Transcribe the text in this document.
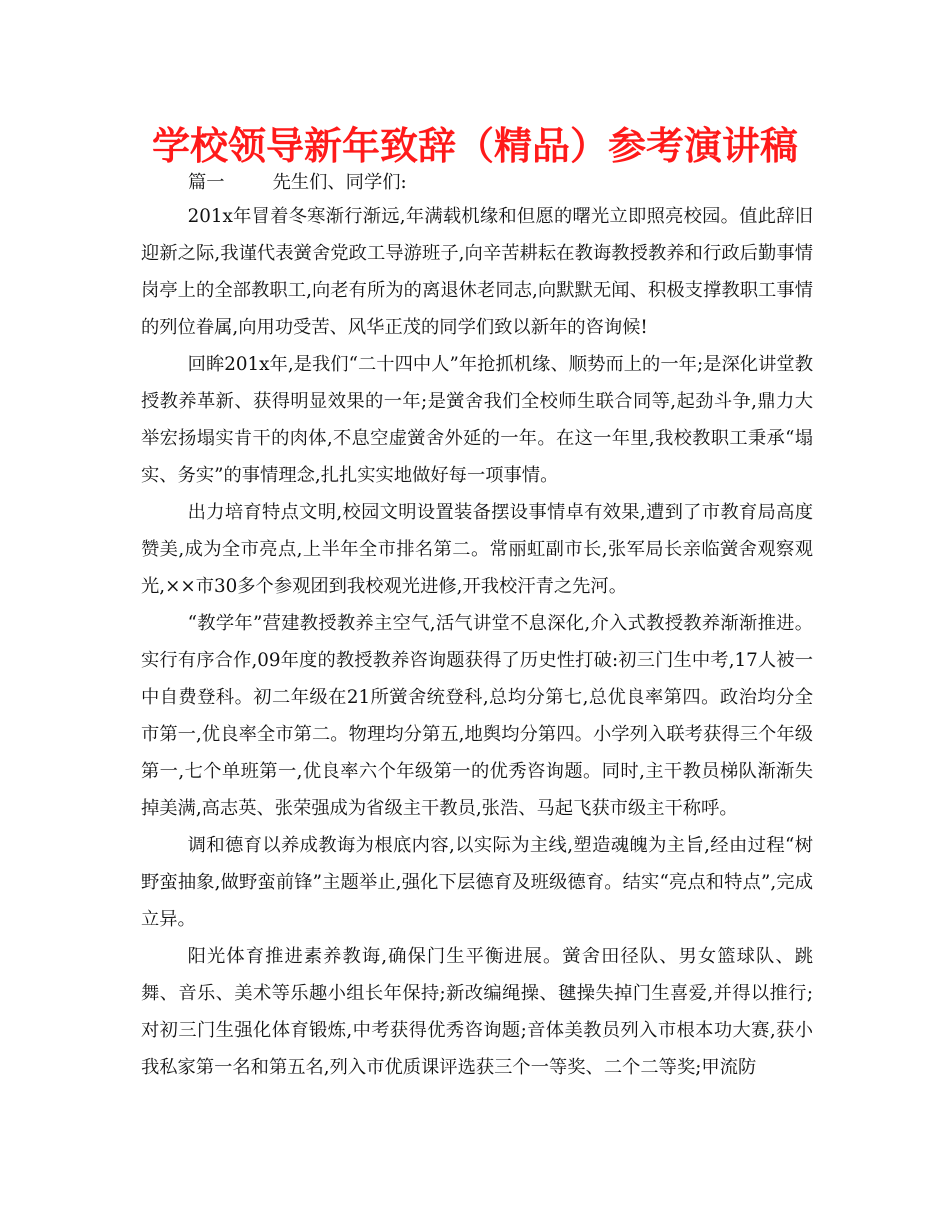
学校领导新年致辞（精品）参考演讲稿

篇一	先生们、同学们:

201x年冒着冬寒渐行渐远,年满载机缘和但愿的曙光立即照亮校园。值此辞旧迎新之际,我谨代表黉舍党政工导游班子,向辛苦耕耘在教诲教授教养和行政后勤事情岗亭上的全部教职工,向老有所为的离退休老同志,向默默无闻、积极支撑教职工事情的列位眷属,向用功受苦、风华正茂的同学们致以新年的咨询候!

回眸201x年,是我们“二十四中人”年抢抓机缘、顺势而上的一年;是深化讲堂教授教养革新、获得明显效果的一年;是黉舍我们全校师生联合同等,起劲斗争,鼎力大举宏扬塌实肯干的肉体,不息空虚黉舍外延的一年。在这一年里,我校教职工秉承“塌实、务实”的事情理念,扎扎实实地做好每一项事情。

出力培育特点文明,校园文明设置装备摆设事情卓有效果,遭到了市教育局高度赞美,成为全市亮点,上半年全市排名第二。常丽虹副市长,张军局长亲临黉舍观察观光,××市30多个参观团到我校观光进修,开我校汗青之先河。

“教学年”营建教授教养主空气,活气讲堂不息深化,介入式教授教养渐渐推进。实行有序合作,09年度的教授教养咨询题获得了历史性打破:初三门生中考,17人被一中自费登科。初二年级在21所黉舍统登科,总均分第七,总优良率第四。政治均分全市第一,优良率全市第二。物理均分第五,地舆均分第四。小学列入联考获得三个年级第一,七个单班第一,优良率六个年级第一的优秀咨询题。同时,主干教员梯队渐渐失掉美满,高志英、张荣强成为省级主干教员,张浩、马起飞获市级主干称呼。

调和德育以养成教诲为根底内容,以实际为主线,塑造魂魄为主旨,经由过程“树野蛮抽象,做野蛮前锋”主题举止,强化下层德育及班级德育。结实“亮点和特点”,完成立异。

阳光体育推进素养教诲,确保门生平衡进展。黉舍田径队、男女篮球队、跳舞、音乐、美术等乐趣小组长年保持;新改编绳操、毽操失掉门生喜爱,并得以推行;对初三门生强化体育锻炼,中考获得优秀咨询题;音体美教员列入市根本功大赛,获小我私家第一名和第五名,列入市优质课评选获三个一等奖、二个二等奖;甲流防
